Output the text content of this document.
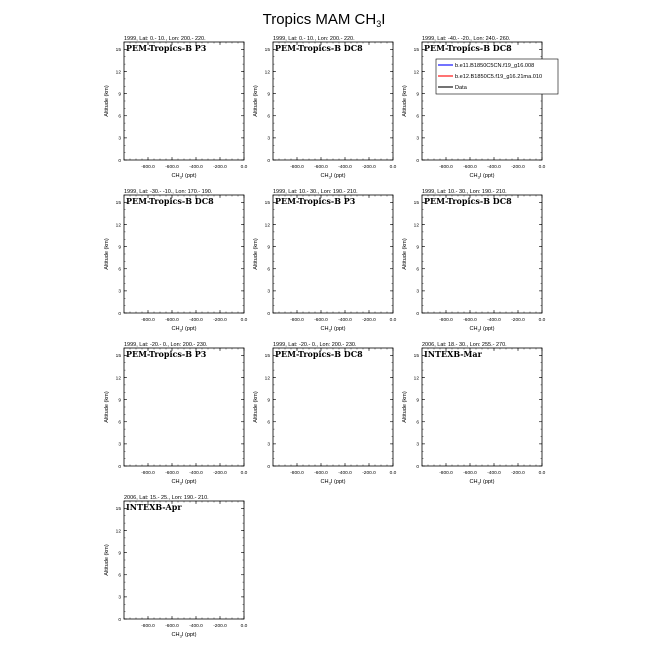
Tropics MAM $CH_3I$
1999, Lat: 0.- 10., Lon: 200.- 220.
PEM-Tropics-B P3
0
3
6
9
12
15
-800.0 -600.0 -400.0 -200.0	0.0
$CH_3I$ (ppt)
Altitude (km)
1999, Lat: 0.- 10., Lon: 200.- 220.
PEM-Tropics-B DC8
0
3
6
9
12
15
-800.0 -600.0 -400.0 -200.0	0.0
$CH_3I$ (ppt)
Altitude (km)
1999, Lat: -40.- -20., Lon: 240.- 260.
PEM-Tropics-B DC8
0
3
6
9
12
15
-800.0 -600.0 -400.0 -200.0	0.0
$CH_3I$ (ppt)
Altitude (km)
1999, Lat: -30.- -10., Lon: 170.- 190.
PEM-Tropics-B DC8
0
3
6
9
12
15
-800.0 -600.0 -400.0 -200.0	0.0
$CH_3I$ (ppt)
Altitude (km)
1999, Lat: 10.- 30., Lon: 190.- 210.
PEM-Tropics-B P3
0
3
6
9
12
15
-800.0 -600.0 -400.0 -200.0	0.0
$CH_3I$ (ppt)
Altitude (km)
1999, Lat: 10.- 30., Lon: 190.- 210.
PEM-Tropics-B DC8
0
3
6
9
12
15
-800.0 -600.0 -400.0 -200.0	0.0
$CH_3I$ (ppt)
Altitude (km)
1999, Lat: -20.- 0., Lon: 200.- 230.
PEM-Tropics-B P3
0
3
6
9
12
15
-800.0 -600.0 -400.0 -200.0	0.0
$CH_3I$ (ppt)
Altitude (km)
1999, Lat: -20.- 0., Lon: 200.- 230.
PEM-Tropics-B DC8
0
3
6
9
12
15
-800.0 -600.0 -400.0 -200.0	0.0
$CH_3I$ (ppt)
Altitude (km)
2006, Lat: 18.- 30., Lon: 255.- 270.
INTEXB-Mar
0
3
6
9
12
15
-800.0 -600.0 -400.0 -200.0	0.0
$CH_3I$ (ppt)
Altitude (km)
2006, Lat: 15.- 25., Lon: 190.- 210.
INTEXB-Apr
0
3
6
9
12
15
-800.0 -600.0 -400.0 -200.0	0.0
$CH_3I$ (ppt)
Altitude (km)
b.e11.B1850C5CN.f19_g16.008
b.e12.B1850C5.f19_g16.21ma.010
Data
